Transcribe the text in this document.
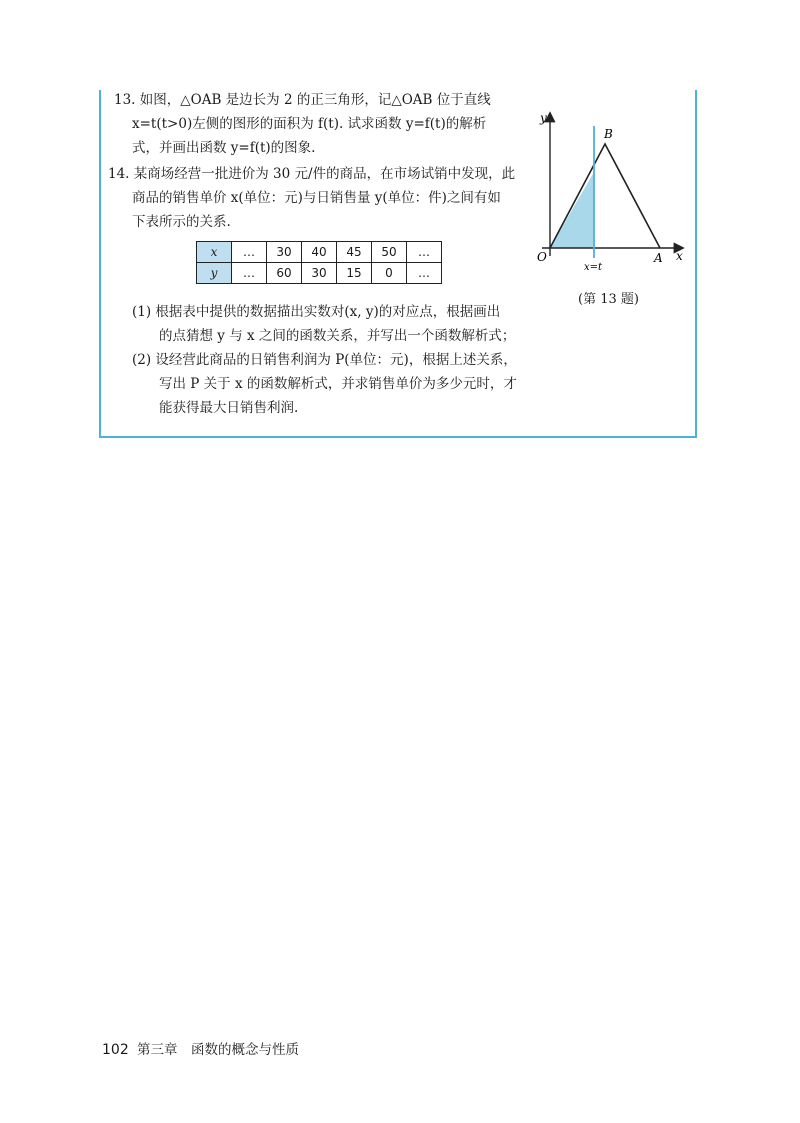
13. 如图，△OAB 是边长为 2 的正三角形，记△OAB 位于直线
x=t(t>0)左侧的图形的面积为 f(t). 试求函数 y=f(t)的解析
式，并画出函数 y=f(t)的图象.
14. 某商场经营一批进价为 30 元/件的商品，在市场试销中发现，此
商品的销售单价 x(单位：元)与日销售量 y(单位：件)之间有如
下表所示的关系.
x	…	30	40	45	50	…
y	…	60	30	15	0	…
(1) 根据表中提供的数据描出实数对(x, y)的对应点，根据画出
的点猜想 y 与 x 之间的函数关系，并写出一个函数解析式；
(2) 设经营此商品的日销售利润为 P(单位：元)，根据上述关系，
写出 P 关于 x 的函数解析式，并求销售单价为多少元时，才
能获得最大日销售利润.
y
x
O	A
B
x=t
(第 13 题)
102 第三章　函数的概念与性质
